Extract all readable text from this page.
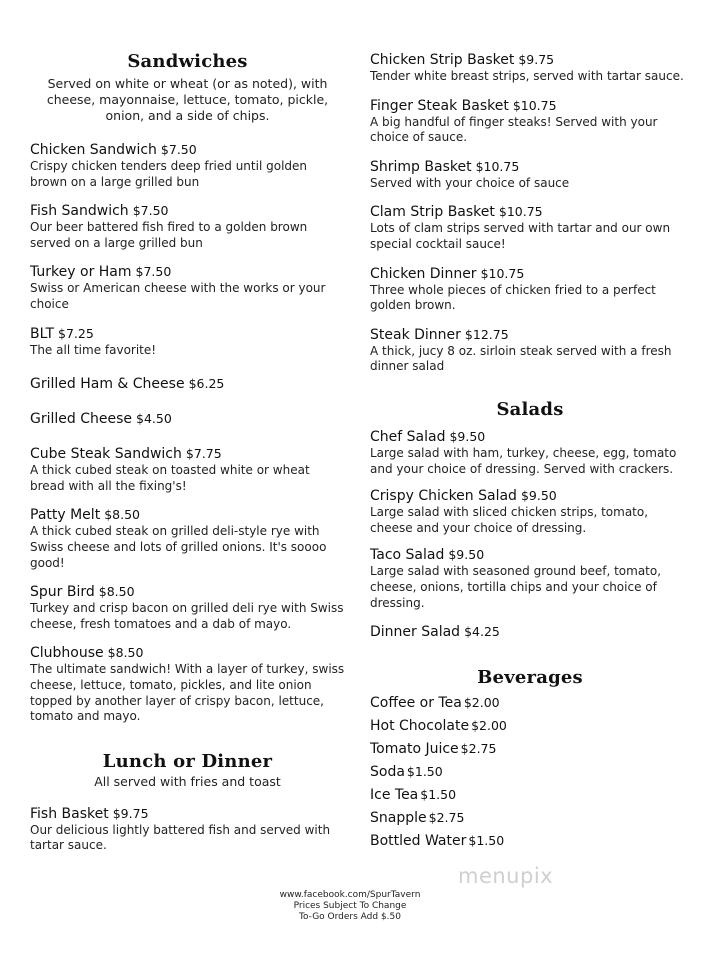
Sandwiches
Served on white or wheat (or as noted), with cheese, mayonnaise, lettuce, tomato, pickle, onion, and a side of chips.
Chicken Sandwich $7.50
Crispy chicken tenders deep fried until golden brown on a large grilled bun
Fish Sandwich $7.50
Our beer battered fish fired to a golden brown served on a large grilled bun
Turkey or Ham $7.50
Swiss or American cheese with the works or your choice
BLT $7.25
The all time favorite!
Grilled Ham & Cheese $6.25
Grilled Cheese $4.50
Cube Steak Sandwich $7.75
A thick cubed steak on toasted white or wheat bread with all the fixing's!
Patty Melt $8.50
A thick cubed steak on grilled deli-style rye with Swiss cheese and lots of grilled onions. It's soooo good!
Spur Bird $8.50
Turkey and crisp bacon on grilled deli rye with Swiss cheese, fresh tomatoes and a dab of mayo.
Clubhouse $8.50
The ultimate sandwich! With a layer of turkey, swiss cheese, lettuce, tomato, pickles, and lite onion topped by another layer of crispy bacon, lettuce, tomato and mayo.
Lunch or Dinner
All served with fries and toast
Fish Basket $9.75
Our delicious lightly battered fish and served with tartar sauce.
Chicken Strip Basket $9.75
Tender white breast strips, served with tartar sauce.
Finger Steak Basket $10.75
A big handful of finger steaks! Served with your choice of sauce.
Shrimp Basket $10.75
Served with your choice of sauce
Clam Strip Basket $10.75
Lots of clam strips served with tartar and our own special cocktail sauce!
Chicken Dinner $10.75
Three whole pieces of chicken fried to a perfect golden brown.
Steak Dinner $12.75
A thick, jucy 8 oz. sirloin steak served with a fresh dinner salad
Salads
Chef Salad $9.50
Large salad with ham, turkey, cheese, egg, tomato and your choice of dressing. Served with crackers.
Crispy Chicken Salad $9.50
Large salad with sliced chicken strips, tomato, cheese and your choice of dressing.
Taco Salad $9.50
Large salad with seasoned ground beef, tomato, cheese, onions, tortilla chips and your choice of dressing.
Dinner Salad $4.25
Beverages
Coffee or Tea $2.00
Hot Chocolate $2.00
Tomato Juice $2.75
Soda $1.50
Ice Tea $1.50
Snapple $2.75
Bottled Water $1.50
menupix
www.facebook.com/SpurTavern
Prices Subject To Change
To-Go Orders Add $.50
